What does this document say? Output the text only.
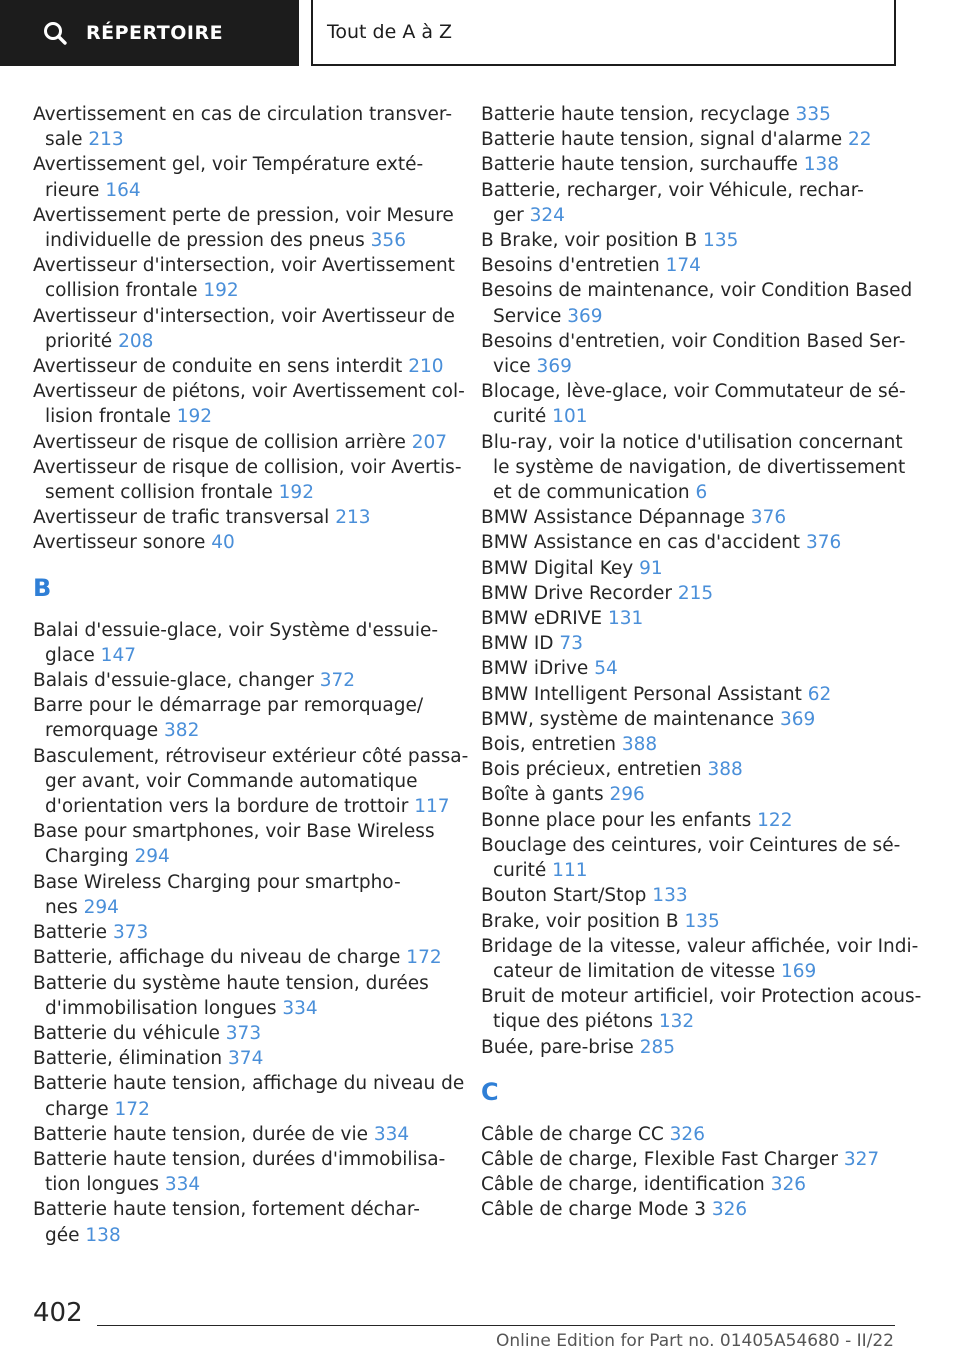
RÉPERTOIRE	Tout de A à Z
Avertissement en cas de circulation transver-
sale 213
Avertissement gel, voir Température exté-
rieure 164
Avertissement perte de pression, voir Mesure
individuelle de pression des pneus 356
Avertisseur d'intersection, voir Avertissement
collision frontale 192
Avertisseur d'intersection, voir Avertisseur de
priorité 208
Avertisseur de conduite en sens interdit 210
Avertisseur de piétons, voir Avertissement col-
lision frontale 192
Avertisseur de risque de collision arrière 207
Avertisseur de risque de collision, voir Avertis-
sement collision frontale 192
Avertisseur de trafic transversal 213
Avertisseur sonore 40
B
Balai d'essuie-glace, voir Système d'essuie-
glace 147
Balais d'essuie-glace, changer 372
Barre pour le démarrage par remorquage/
remorquage 382
Basculement, rétroviseur extérieur côté passa-
ger avant, voir Commande automatique
d'orientation vers la bordure de trottoir 117
Base pour smartphones, voir Base Wireless
Charging 294
Base Wireless Charging pour smartpho-
nes 294
Batterie 373
Batterie, affichage du niveau de charge 172
Batterie du système haute tension, durées
d'immobilisation longues 334
Batterie du véhicule 373
Batterie, élimination 374
Batterie haute tension, affichage du niveau de
charge 172
Batterie haute tension, durée de vie 334
Batterie haute tension, durées d'immobilisa-
tion longues 334
Batterie haute tension, fortement déchar-
gée 138
Batterie haute tension, recyclage 335
Batterie haute tension, signal d'alarme 22
Batterie haute tension, surchauffe 138
Batterie, recharger, voir Véhicule, rechar-
ger 324
B Brake, voir position B 135
Besoins d'entretien 174
Besoins de maintenance, voir Condition Based
Service 369
Besoins d'entretien, voir Condition Based Ser-
vice 369
Blocage, lève-glace, voir Commutateur de sé-
curité 101
Blu-ray, voir la notice d'utilisation concernant
le système de navigation, de divertissement
et de communication 6
BMW Assistance Dépannage 376
BMW Assistance en cas d'accident 376
BMW Digital Key 91
BMW Drive Recorder 215
BMW eDRIVE 131
BMW ID 73
BMW iDrive 54
BMW Intelligent Personal Assistant 62
BMW, système de maintenance 369
Bois, entretien 388
Bois précieux, entretien 388
Boîte à gants 296
Bonne place pour les enfants 122
Bouclage des ceintures, voir Ceintures de sé-
curité 111
Bouton Start/Stop 133
Brake, voir position B 135
Bridage de la vitesse, valeur affichée, voir Indi-
cateur de limitation de vitesse 169
Bruit de moteur artificiel, voir Protection acous-
tique des piétons 132
Buée, pare-brise 285
C
Câble de charge CC 326
Câble de charge, Flexible Fast Charger 327
Câble de charge, identification 326
Câble de charge Mode 3 326
402
Online Edition for Part no. 01405A54680 - II/22
